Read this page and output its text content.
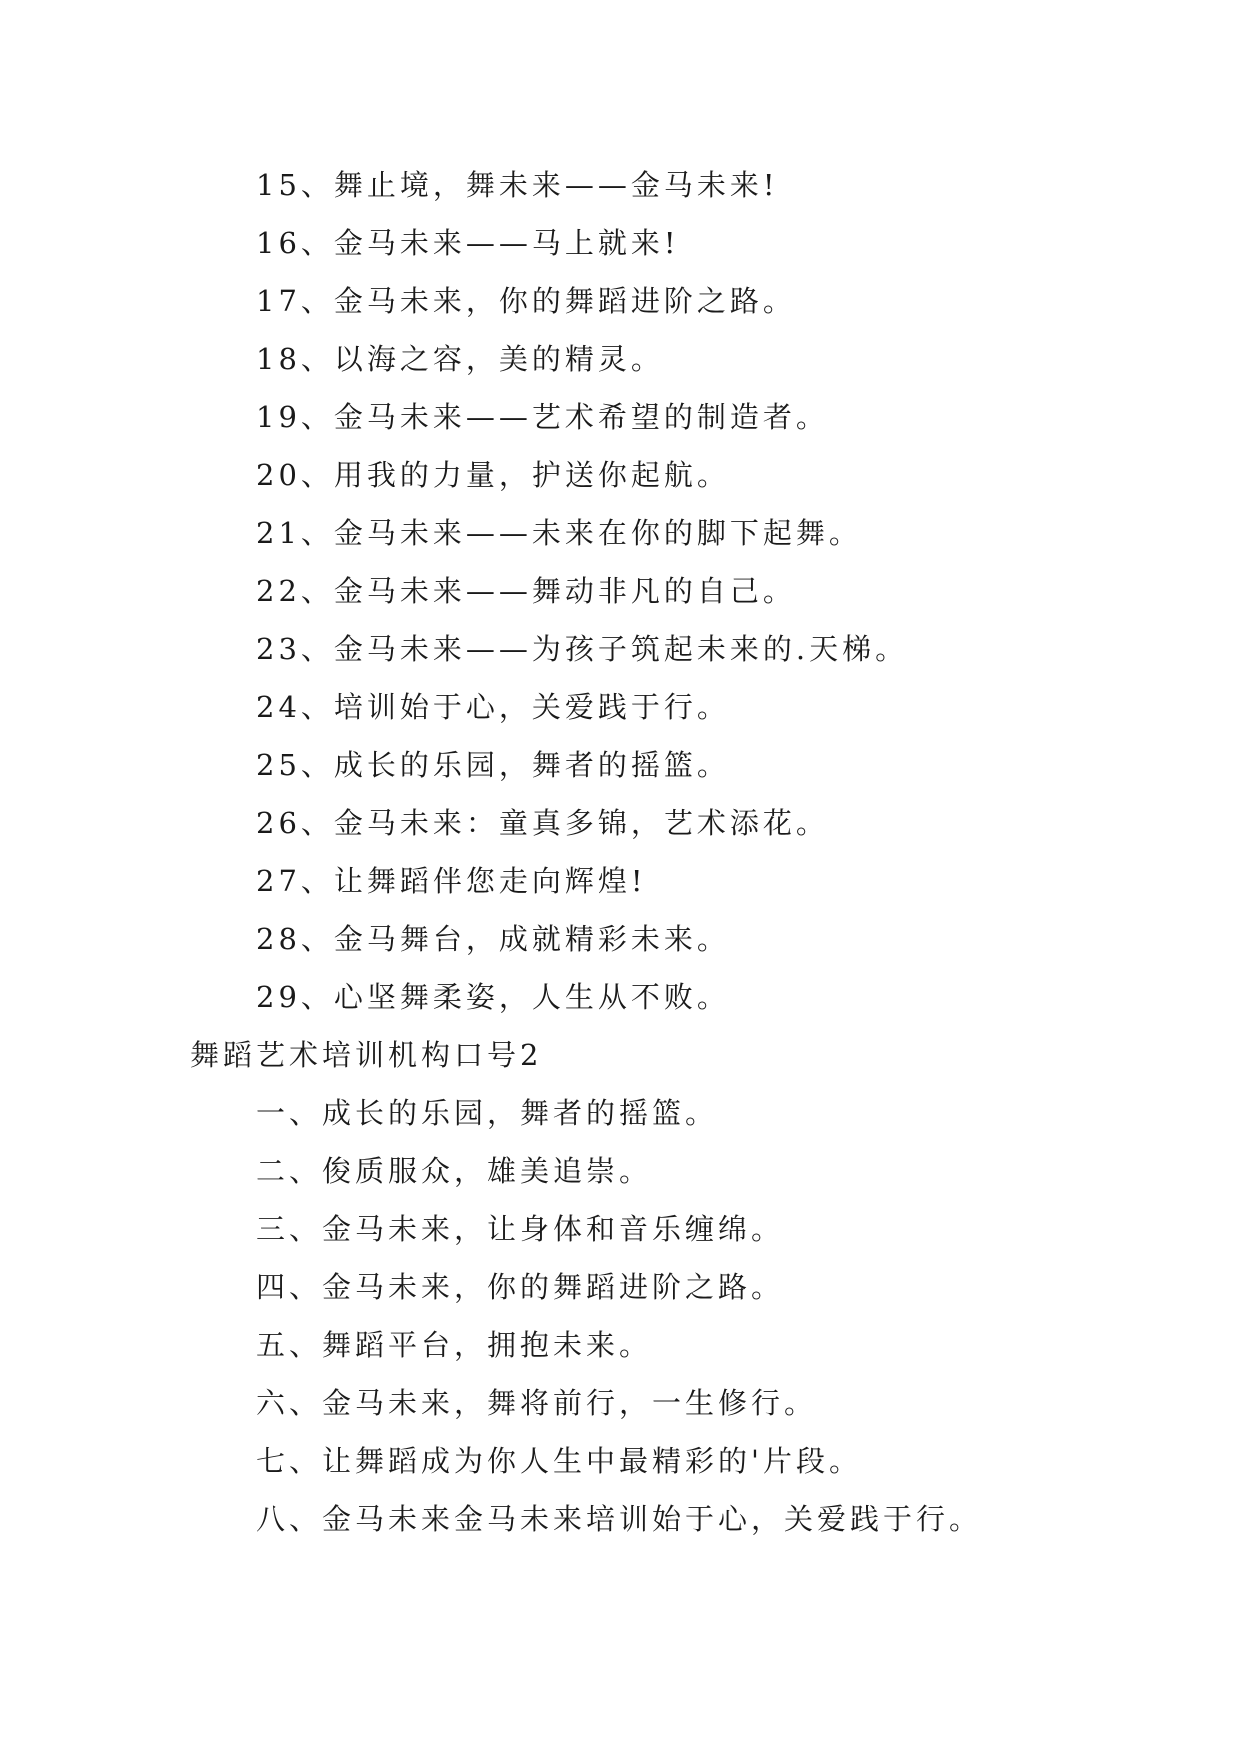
15、舞止境，舞未来——金马未来!
16、金马未来——马上就来!
17、金马未来，你的舞蹈进阶之路。
18、以海之容，美的精灵。
19、金马未来——艺术希望的制造者。
20、用我的力量，护送你起航。
21、金马未来——未来在你的脚下起舞。
22、金马未来——舞动非凡的自己。
23、金马未来——为孩子筑起未来的.天梯。
24、培训始于心，关爱践于行。
25、成长的乐园，舞者的摇篮。
26、金马未来：童真多锦，艺术添花。
27、让舞蹈伴您走向辉煌!
28、金马舞台，成就精彩未来。
29、心坚舞柔姿，人生从不败。
舞蹈艺术培训机构口号2
一、成长的乐园，舞者的摇篮。
二、俊质服众，雄美追崇。
三、金马未来，让身体和音乐缠绵。
四、金马未来，你的舞蹈进阶之路。
五、舞蹈平台，拥抱未来。
六、金马未来，舞将前行，一生修行。
七、让舞蹈成为你人生中最精彩的'片段。
八、金马未来金马未来培训始于心，关爱践于行。
